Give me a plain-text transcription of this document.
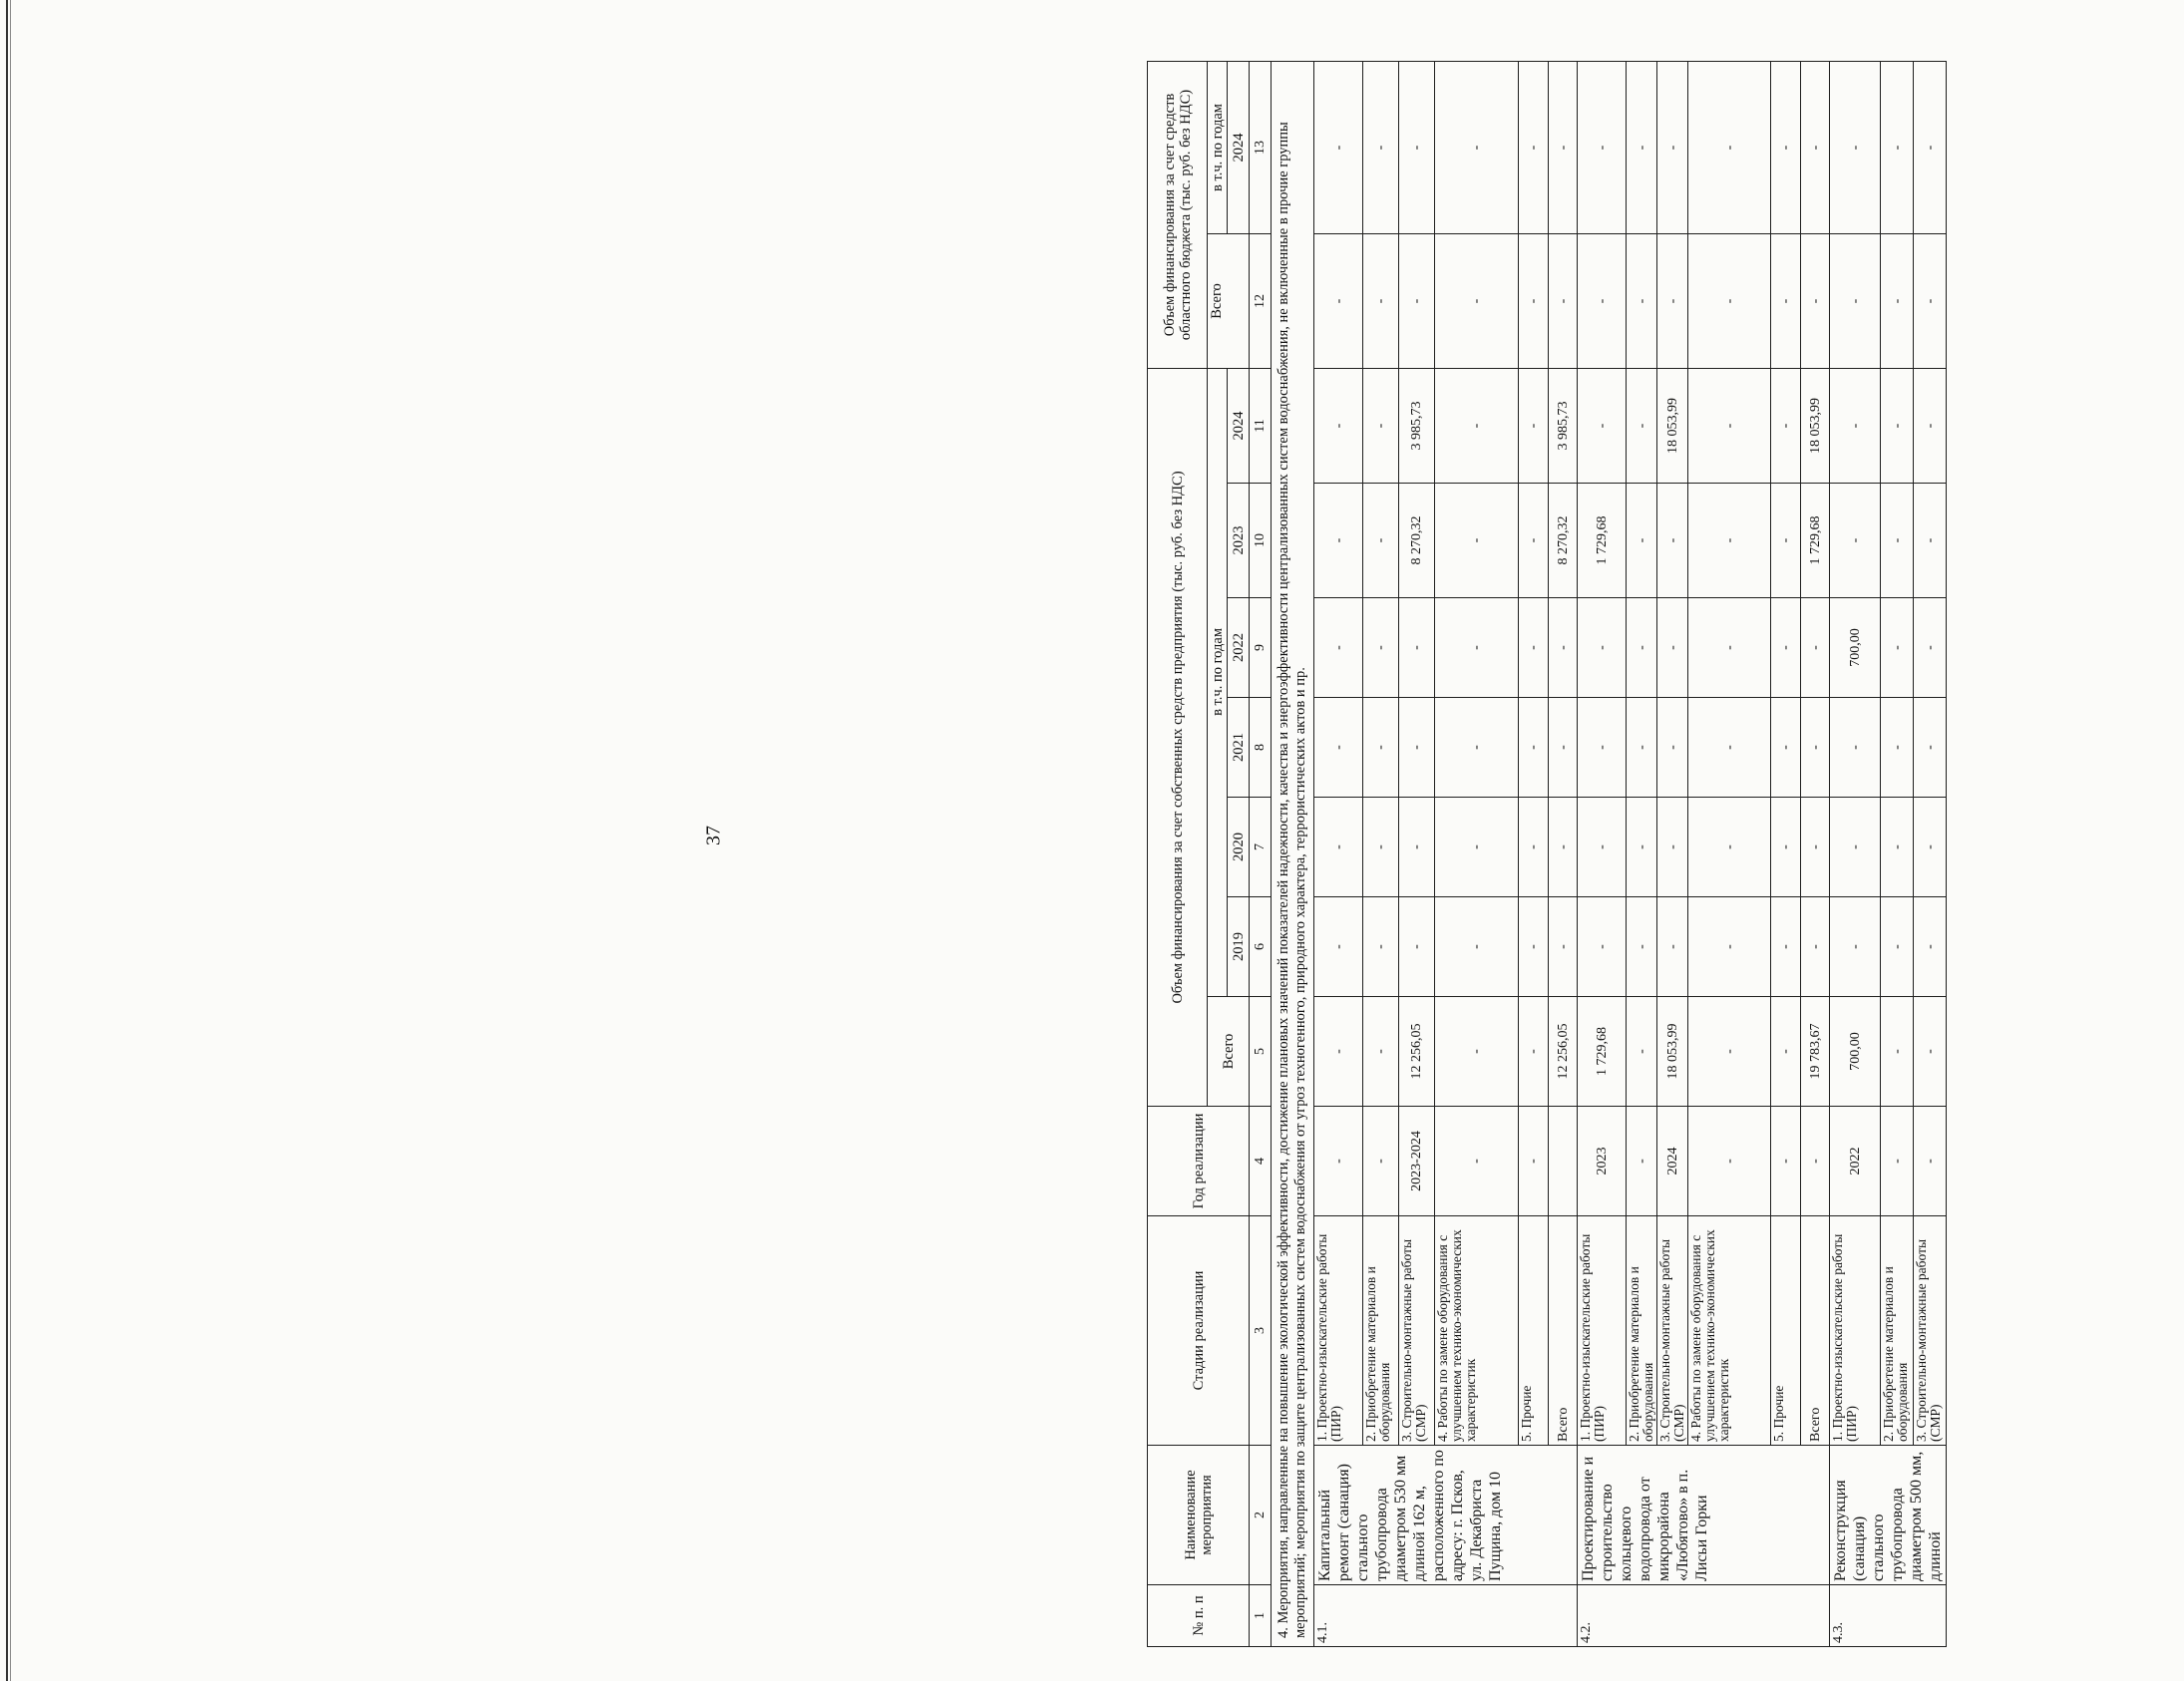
37
№ п. п	Наименование мероприятия	Стадии реализации	Год реализации	Объем финансирования за счет собственных средств предприятия (тыс. руб. без НДС)							Объем финансирования за счет средств областного бюджета (тыс. руб. без НДС)	
				Всего	в т.ч. по годам						Всего	в т.ч. по годам
					2019	2020	2021	2022	2023	2024		2024
1	2	3	4	5	6	7	8	9	10	11	12	13
4. Мероприятия, направленные на повышение экологической эффективности, достижение плановых значений показателей надежности, качества и энергоэффективности централизованных систем водоснабжения, не включенные в прочие группы мероприятий; мероприятия по защите централизованных систем водоснабжения от угроз техногенного, природного характера, террористических актов и пр.												
4.1.	Капитальный ремонт (санация) стального трубопровода диаметром 530 мм длиной 162 м, расположенного по адресу: г. Псков, ул. Декабриста Пущина, дом 10	1. Проектно-изыскательские работы (ПИР)	-	-	-	-	-	-	-	-	-	-
		2. Приобретение материалов и оборудования	-	-	-	-	-	-	-	-	-	-
		3. Строительно-монтажные работы (СМР)	2023-2024	12 256,05	-	-	-	-	8 270,32	3 985,73	-	-
		4. Работы по замене оборудования с улучшением технико-экономических характеристик	-	-	-	-	-	-	-	-	-	-
		5. Прочие	-	-	-	-	-	-	-	-	-	-
		Всего		12 256,05	-	-	-	-	8 270,32	3 985,73	-	-
4.2.	Проектирование и строительство кольцевого водопровода от микрорайона «Любятово» в п. Лисьи Горки	1. Проектно-изыскательские работы (ПИР)	2023	1 729,68	-	-	-	-	1 729,68	-	-	-
		2. Приобретение материалов и оборудования	-	-	-	-	-	-	-	-	-	-
		3. Строительно-монтажные работы (СМР)	2024	18 053,99	-	-	-	-	-	18 053,99	-	-
		4. Работы по замене оборудования с улучшением технико-экономических характеристик	-	-	-	-	-	-	-	-	-	-
		5. Прочие	-	-	-	-	-	-	-	-	-	-
		Всего	-	19 783,67	-	-	-	-	1 729,68	18 053,99	-	-
4.3.	Реконструкция (санация) стального трубопровода диаметром 500 мм, длиной	1. Проектно-изыскательские работы (ПИР)	2022	700,00	-	-	-	700,00	-	-	-	-
		2. Приобретение материалов и оборудования	-	-	-	-	-	-	-	-	-	-
		3. Строительно-монтажные работы (СМР)	-	-	-	-	-	-	-	-	-	-
